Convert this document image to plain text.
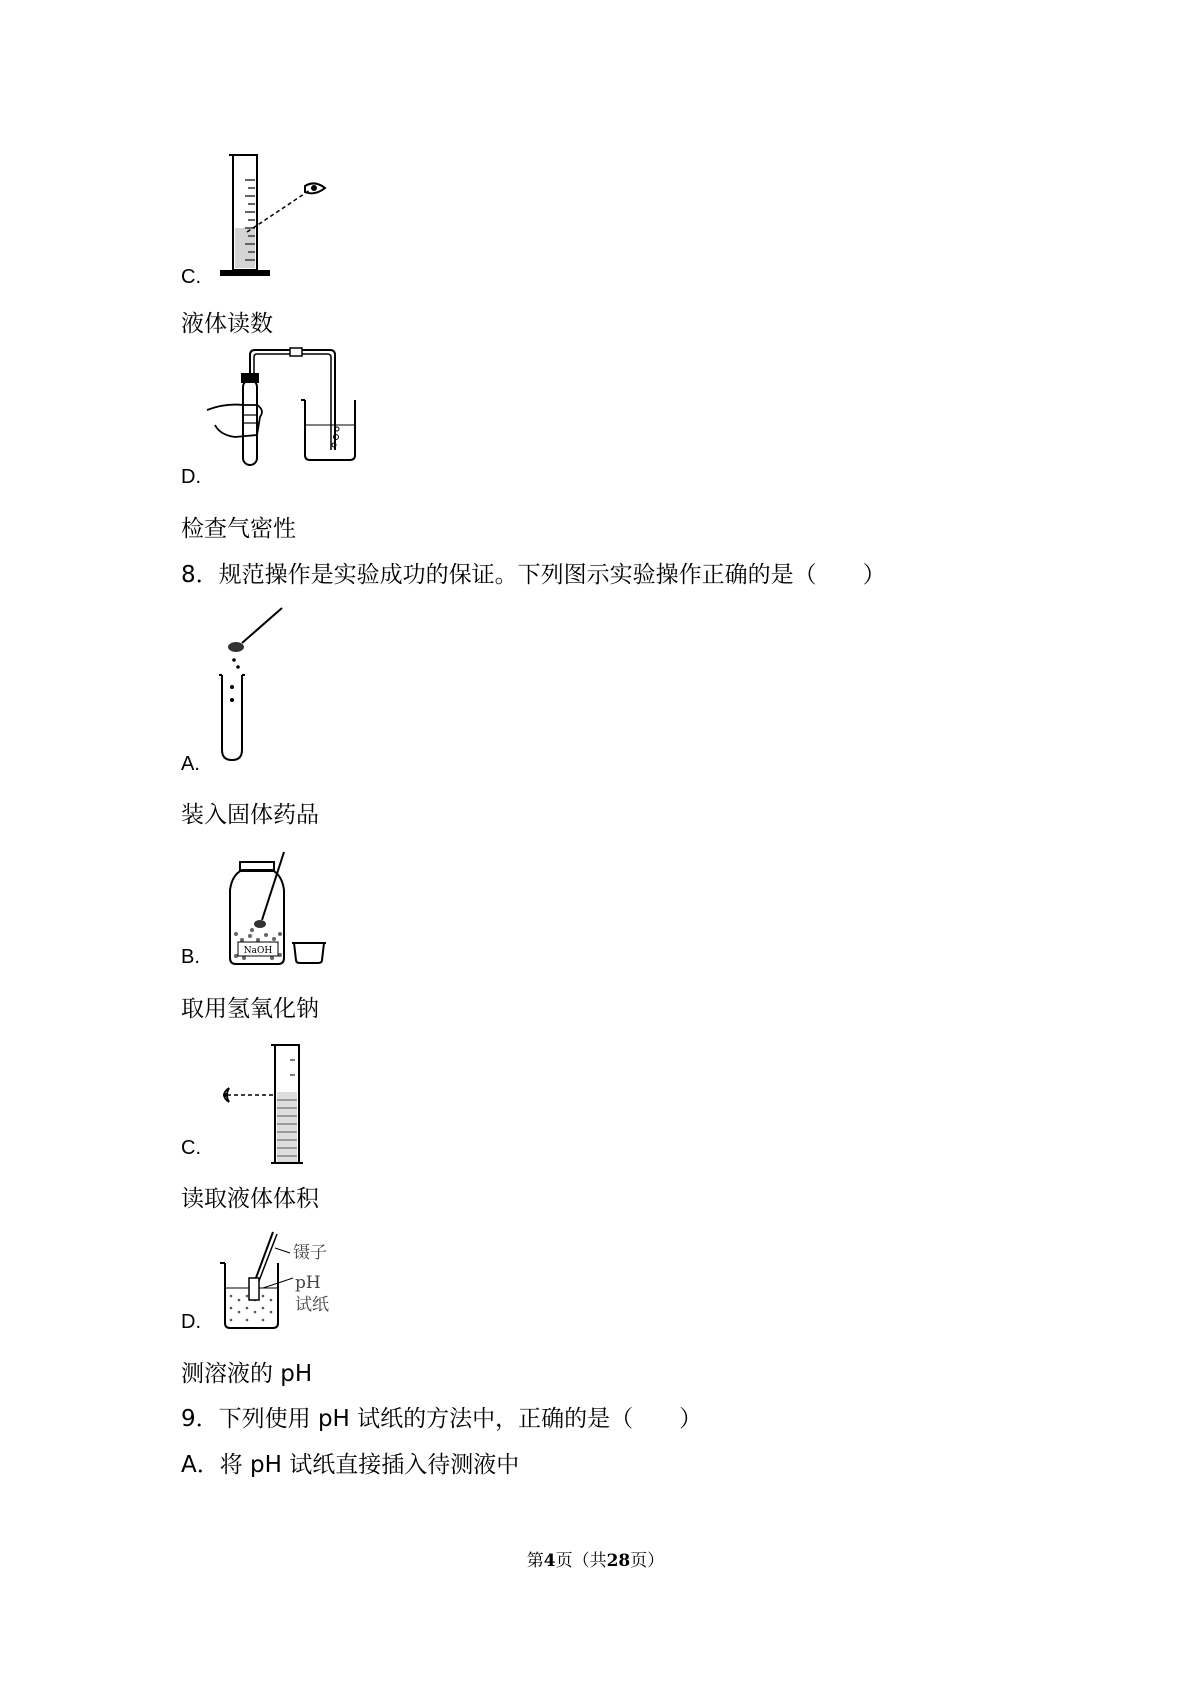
C.
液体读数
D.
检查气密性
8．规范操作是实验成功的保证。下列图示实验操作正确的是（　　）
A.
装入固体药品
NaOH
B.
取用氢氧化钠
C.
读取液体体积
镊子
pH
试纸
D.
测溶液的 pH
9．下列使用 pH 试纸的方法中，正确的是（　　）
A．将 pH 试纸直接插入待测液中
第4页（共28页）
